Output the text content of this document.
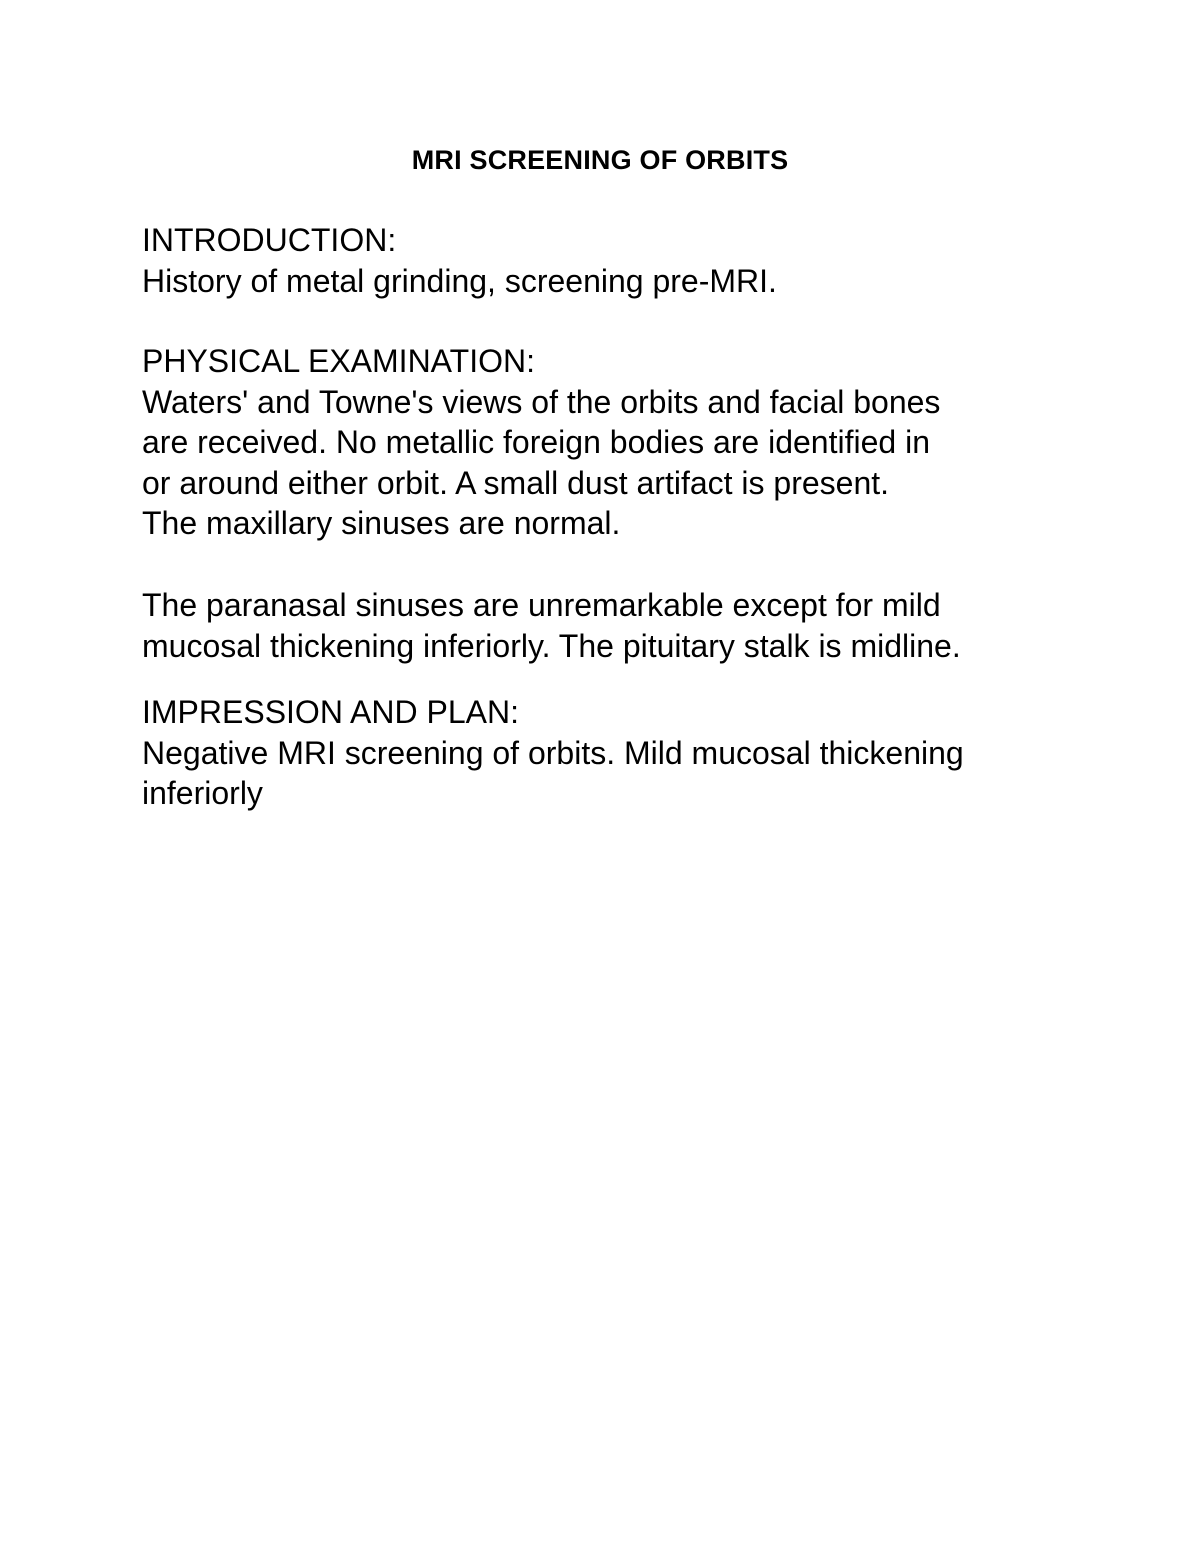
MRI SCREENING OF ORBITS
INTRODUCTION:
History of metal grinding, screening pre-MRI.
PHYSICAL EXAMINATION:
Waters' and Towne's views of the orbits and facial bones
are received. No metallic foreign bodies are identified in
or around either orbit. A small dust artifact is present.
The maxillary sinuses are normal.
The paranasal sinuses are unremarkable except for mild
mucosal thickening inferiorly. The pituitary stalk is midline.
IMPRESSION AND PLAN:
Negative MRI screening of orbits. Mild mucosal thickening
inferiorly
